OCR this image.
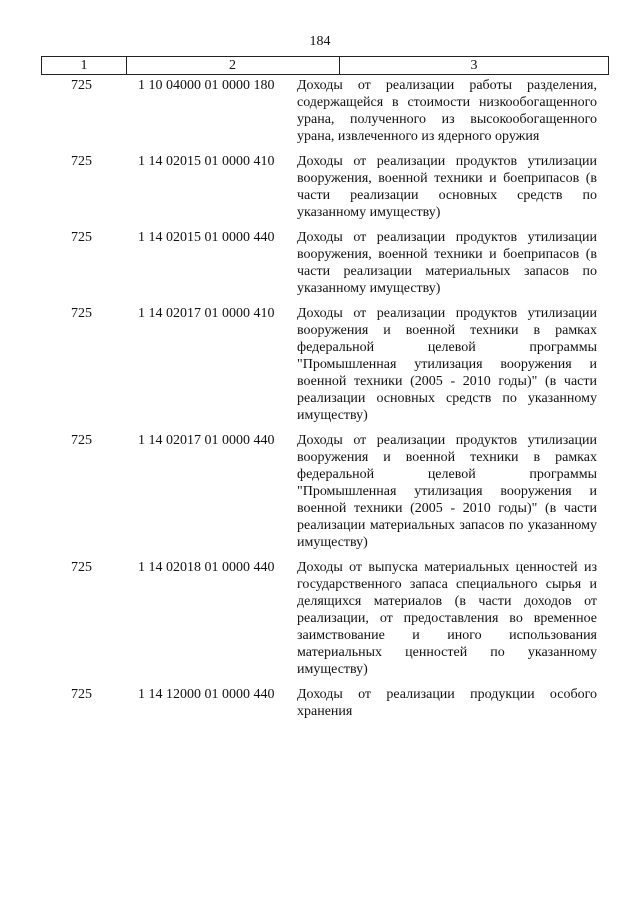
184
1	2	3
725	1 10 04000 01 0000 180	Доходы от реализации работы разделения, содержащейся в стоимости низкообогащенного урана, полученного из высокообогащенного урана, извлеченного из ядерного оружия
725	1 14 02015 01 0000 410	Доходы от реализации продуктов утилизации вооружения, военной техники и боеприпасов (в части реализации основных средств по указанному имуществу)
725	1 14 02015 01 0000 440	Доходы от реализации продуктов утилизации вооружения, военной техники и боеприпасов (в части реализации материальных запасов по указанному имуществу)
725	1 14 02017 01 0000 410	Доходы от реализации продуктов утилизации вооружения и военной техники в рамках федеральной целевой программы "Промышленная утилизация вооружения и военной техники (2005 - 2010 годы)" (в части реализации основных средств по указанному имуществу)
725	1 14 02017 01 0000 440	Доходы от реализации продуктов утилизации вооружения и военной техники в рамках федеральной целевой программы "Промышленная утилизация вооружения и военной техники (2005 - 2010 годы)" (в части реализации материальных запасов по указанному имуществу)
725	1 14 02018 01 0000 440	Доходы от выпуска материальных ценностей из государственного запаса специального сырья и делящихся материалов (в части доходов от реализации, от предоставления во временное заимствование и иного использования материальных ценностей по указанному имуществу)
725	1 14 12000 01 0000 440	Доходы от реализации продукции особого хранения
